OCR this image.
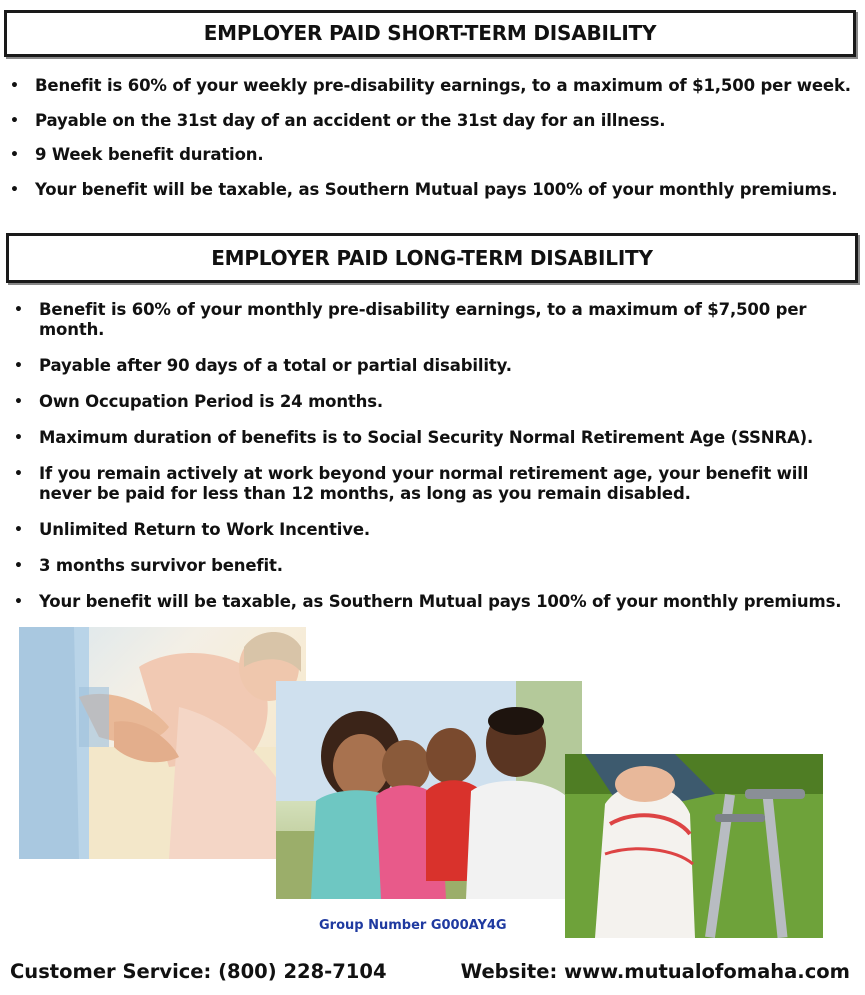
EMPLOYER PAID SHORT-TERM DISABILITY
• Benefit is 60% of your weekly pre-disability earnings, to a maximum of $1,500 per week.
• Payable on the 31st day of an accident or the 31st day for an illness.
• 9 Week benefit duration.
• Your benefit will be taxable, as Southern Mutual pays 100% of your monthly premiums.
EMPLOYER PAID LONG-TERM DISABILITY
• Benefit is 60% of your monthly pre-disability earnings, to a maximum of $7,500 per month.
• Payable after 90 days of a total or partial disability.
• Own Occupation Period is 24 months.
• Maximum duration of benefits is to Social Security Normal Retirement Age (SSNRA).
• If you remain actively at work beyond your normal retirement age, your benefit will never be paid for less than 12 months, as long as you remain disabled.
• Unlimited Return to Work Incentive.
• 3 months survivor benefit.
• Your benefit will be taxable, as Southern Mutual pays 100% of your monthly premiums.
Group Number G000AY4G
Customer Service: (800) 228-7104	Website: www.mutualofomaha.com
